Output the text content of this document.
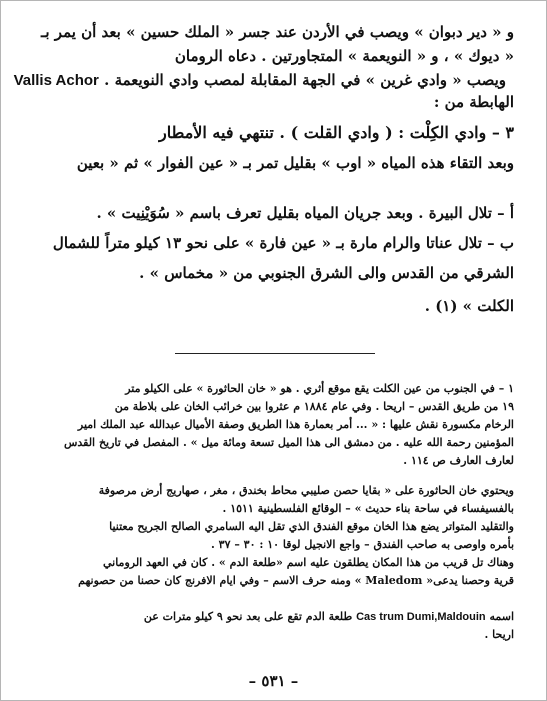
و « دير دبوان » ويصب في الأردن عند جسر « الملك حسين » بعد أن يمر بـ
« ديوك » ، و « النويعمة » المتجاورتين . دعاه الرومان
ويصب « وادي غرين » في الجهة المقابلة لمصب وادي النويعمة . Vallis Achor
الهابطة من :
٣ – وادي الكِلْت : ( وادي القلت ) . تنتهي فيه الأمطار
وبعد التقاء هذه المياه « اوب » بقليل تمر بـ « عين الفوار » ثم « بعين
أ – تلال البيرة . وبعد جريان المياه بقليل تعرف باسم « سُوَيْنِيت » .
ب – تلال عناتا والرام مارة بـ « عين فارة » على نحو ١٣ كيلو متراً للشمال
الشرقي من القدس والى الشرق الجنوبي من « مخماس » .
الكلت » (١) .
١ – في الجنوب من عين الكلت يقع موقع أثري . هو « خان الحاثورة » على الكيلو متر
١٩ من طريق القدس – اريحا . وفي عام ١٨٨٤ م عثروا بين خرائب الخان على بلاطة من
الرخام مكسورة نقش عليها : « ... أمر بعمارة هذا الطريق وصفة الأميال عبدالله عبد الملك امير
المؤمنين رحمة الله عليه . من دمشق الى هذا الميل تسعة ومائة ميل » . المفصل في تاريخ القدس
لعارف العارف ص ١١٤ .
ويحتوي خان الحاثورة على « بقايا حصن صليبي محاط بخندق ، مغر ، صهاريج أرض مرصوفة
بالفسيفساء في ساحة بناء حديث » – الوقائع الفلسطينية ١٥١١ .
والتقليد المتواتر يضع هذا الخان موقع الفندق الذي تقل اليه السامري الصالح الجريح معتنيا
بأمره واوصى به صاحب الفندق – واجع الانجيل لوقا ١٠ : ٣٠ – ٣٧ .
وهناك تل قريب من هذا المكان يطلقون عليه اسم «طلعة الدم » . كان في العهد الروماني
قرية وحصنا يدعى« Maledom » ومنه حرف الاسم – وفي ايام الافرنج كان حصنا من حصونهم
اسمه Cas trum Dumi,Maldouin طلعة الدم تقع على بعد نحو ٩ كيلو مترات عن
اريحا .
– ٥٣١ –
